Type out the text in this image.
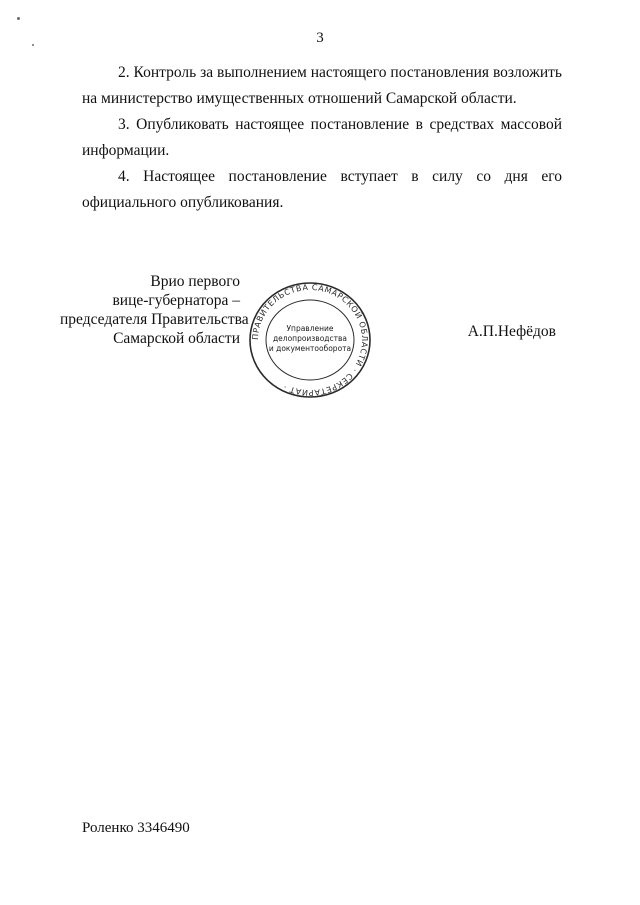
3
2. Контроль за выполнением настоящего постановления возложить на министерство имущественных отношений Самарской области.
3. Опубликовать настоящее постановление в средствах массовой информации.
4. Настоящее постановление вступает в силу со дня его
официального опубликования.
Врио первого
вице-губернатора –
председателя Правительства
Самарской области ПРАВИТЕЛЬСТВА САМАРСКОЙ ОБЛАСТИ · СЕКРЕТАРИАТ ·
Управление
делопроизводства
и документооборота
А.П.Нефёдов
Роленко 3346490
